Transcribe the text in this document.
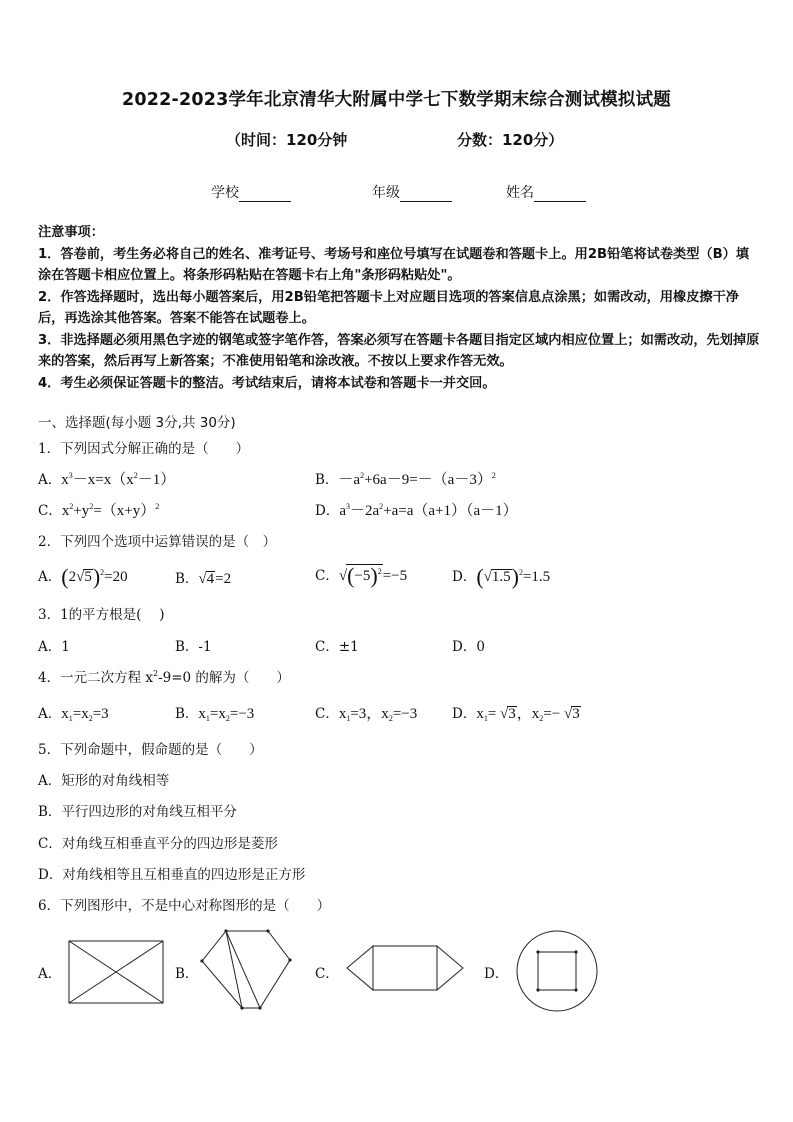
2022-2023学年北京清华大附属中学七下数学期末综合测试模拟试题
（时间：120分钟	分数：120分）
学校	年级	姓名
注意事项：
1．答卷前，考生务必将自己的姓名、准考证号、考场号和座位号填写在试题卷和答题卡上。用2B铅笔将试卷类型（B）填涂在答题卡相应位置上。将条形码粘贴在答题卡右上角"条形码粘贴处"。
2．作答选择题时，选出每小题答案后，用2B铅笔把答题卡上对应题目选项的答案信息点涂黑；如需改动，用橡皮擦干净后，再选涂其他答案。答案不能答在试题卷上。
3．非选择题必须用黑色字迹的钢笔或签字笔作答，答案必须写在答题卡各题目指定区域内相应位置上；如需改动，先划掉原来的答案，然后再写上新答案；不准使用铅笔和涂改液。不按以上要求作答无效。
4．考生必须保证答题卡的整洁。考试结束后，请将本试卷和答题卡一并交回。
一、选择题(每小题 3分,共 30分)
1．下列因式分解正确的是（　　）
A．$x^3-x=x(x^2-1)$	B．$-a^2+6a-9=-(a-3)^2$
C．$x^2+y^2=(x+y)^2$	D．$a^3-2a^2+a=a(a+1)(a-1)$
2．下列四个选项中运算错误的是（　）
A．$(2√5)^2=20$	B．√4=2	C．$√(-5)^2=-5$	D．$(√1.5)^2=1.5$
3．1的平方根是(　 )
A．1	B．-1	C．±1	D．0
4．一元二次方程 $x^2-9=0$ 的解为（　　）
A．$x_1=x_2=3$	B．$x_1=x_2=-3$	C．$x_1=3$，$x_2=-3$	D．$x_1= √3$，$x_2=- √3$
5．下列命题中，假命题的是（　　）
A．矩形的对角线相等
B．平行四边形的对角线互相平分
C．对角线互相垂直平分的四边形是菱形
D．对角线相等且互相垂直的四边形是正方形
6．下列图形中，不是中心对称图形的是（　　）
A．	B．	C．	D．
